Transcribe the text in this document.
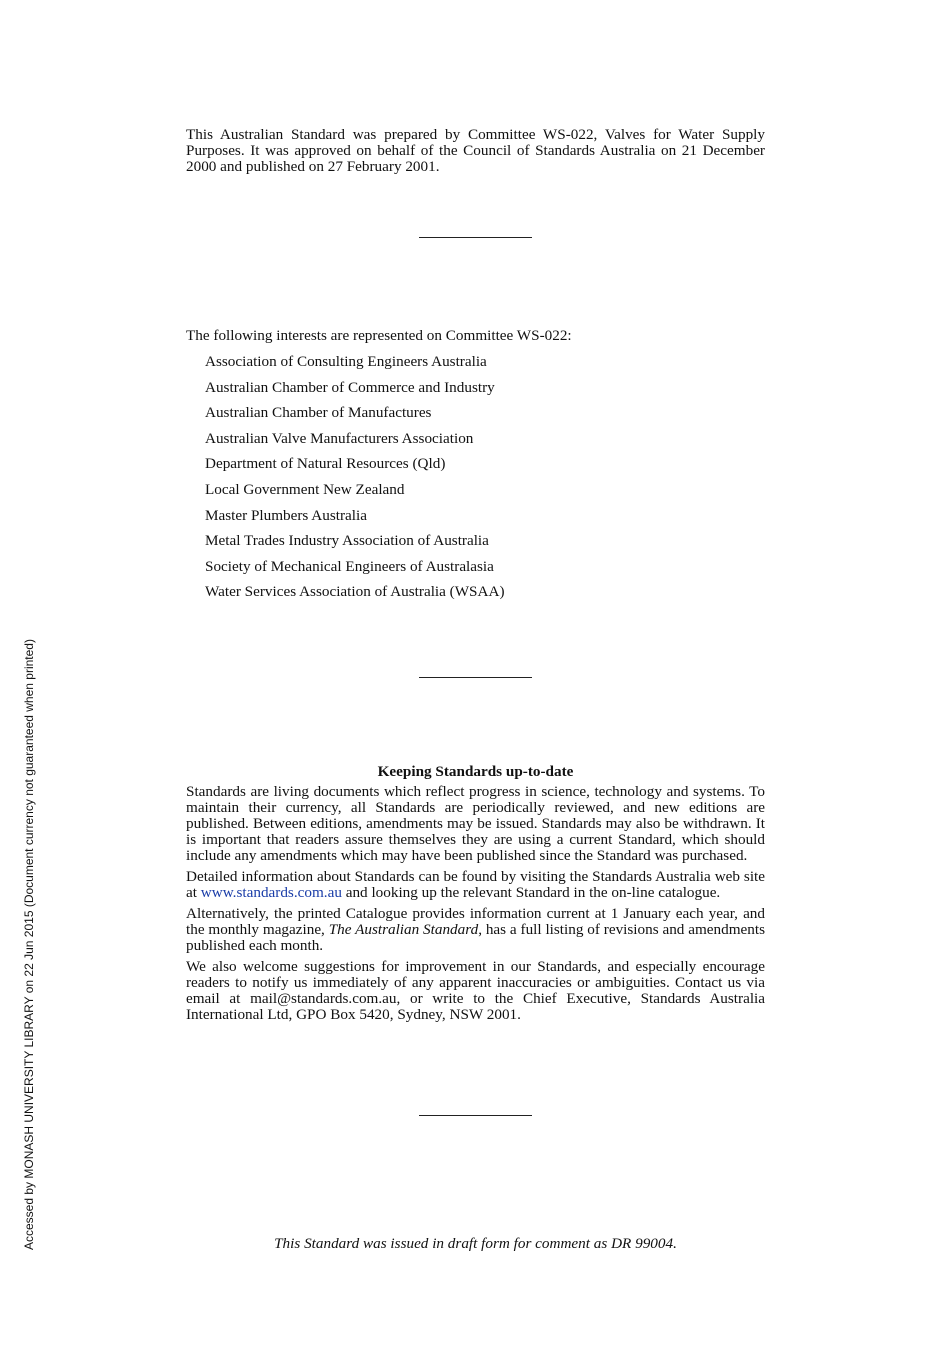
This Australian Standard was prepared by Committee WS-022, Valves for Water Supply Purposes. It was approved on behalf of the Council of Standards Australia on 21 December 2000 and published on 27 February 2001.

The following interests are represented on Committee WS-022:

Association of Consulting Engineers Australia
Australian Chamber of Commerce and Industry
Australian Chamber of Manufactures
Australian Valve Manufacturers Association
Department of Natural Resources (Qld)
Local Government New Zealand
Master Plumbers Australia
Metal Trades Industry Association of Australia
Society of Mechanical Engineers of Australasia
Water Services Association of Australia (WSAA)

Keeping Standards up-to-date

Standards are living documents which reflect progress in science, technology and systems. To maintain their currency, all Standards are periodically reviewed, and new editions are published. Between editions, amendments may be issued. Standards may also be withdrawn. It is important that readers assure themselves they are using a current Standard, which should include any amendments which may have been published since the Standard was purchased.

Detailed information about Standards can be found by visiting the Standards Australia web site at www.standards.com.au and looking up the relevant Standard in the on-line catalogue.

Alternatively, the printed Catalogue provides information current at 1 January each year, and the monthly magazine, The Australian Standard, has a full listing of revisions and amendments published each month.

We also welcome suggestions for improvement in our Standards, and especially encourage readers to notify us immediately of any apparent inaccuracies or ambiguities. Contact us via email at mail@standards.com.au, or write to the Chief Executive, Standards Australia International Ltd, GPO Box 5420, Sydney, NSW 2001.

This Standard was issued in draft form for comment as DR 99004.

Accessed by MONASH UNIVERSITY LIBRARY on 22 Jun 2015 (Document currency not guaranteed when printed)
